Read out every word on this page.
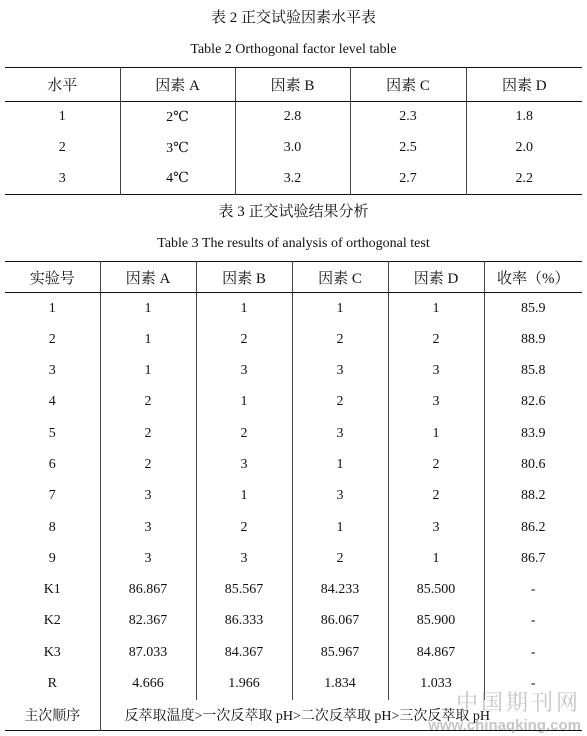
表 2 正交试验因素水平表
Table 2 Orthogonal factor level table
水平	因素 A	因素 B	因素 C	因素 D
1	2℃	2.8	2.3	1.8
2	3℃	3.0	2.5	2.0
3	4℃	3.2	2.7	2.2
表 3 正交试验结果分析
Table 3 The results of analysis of orthogonal test
实验号	因素 A	因素 B	因素 C	因素 D	收率（%）
1	1	1	1	1	85.9
2	1	2	2	2	88.9
3	1	3	3	3	85.8
4	2	1	2	3	82.6
5	2	2	3	1	83.9
6	2	3	1	2	80.6
7	3	1	3	2	88.2
8	3	2	1	3	86.2
9	3	3	2	1	86.7
K1	86.867	85.567	84.233	85.500	-
K2	82.367	86.333	86.067	85.900	-
K3	87.033	84.367	85.967	84.867	-
R	4.666	1.966	1.834	1.033	-
主次顺序	反萃取温度>一次反萃取 pH>二次反萃取 pH>三次反萃取 pH				
中国期刊网
www.chinaqking.com
